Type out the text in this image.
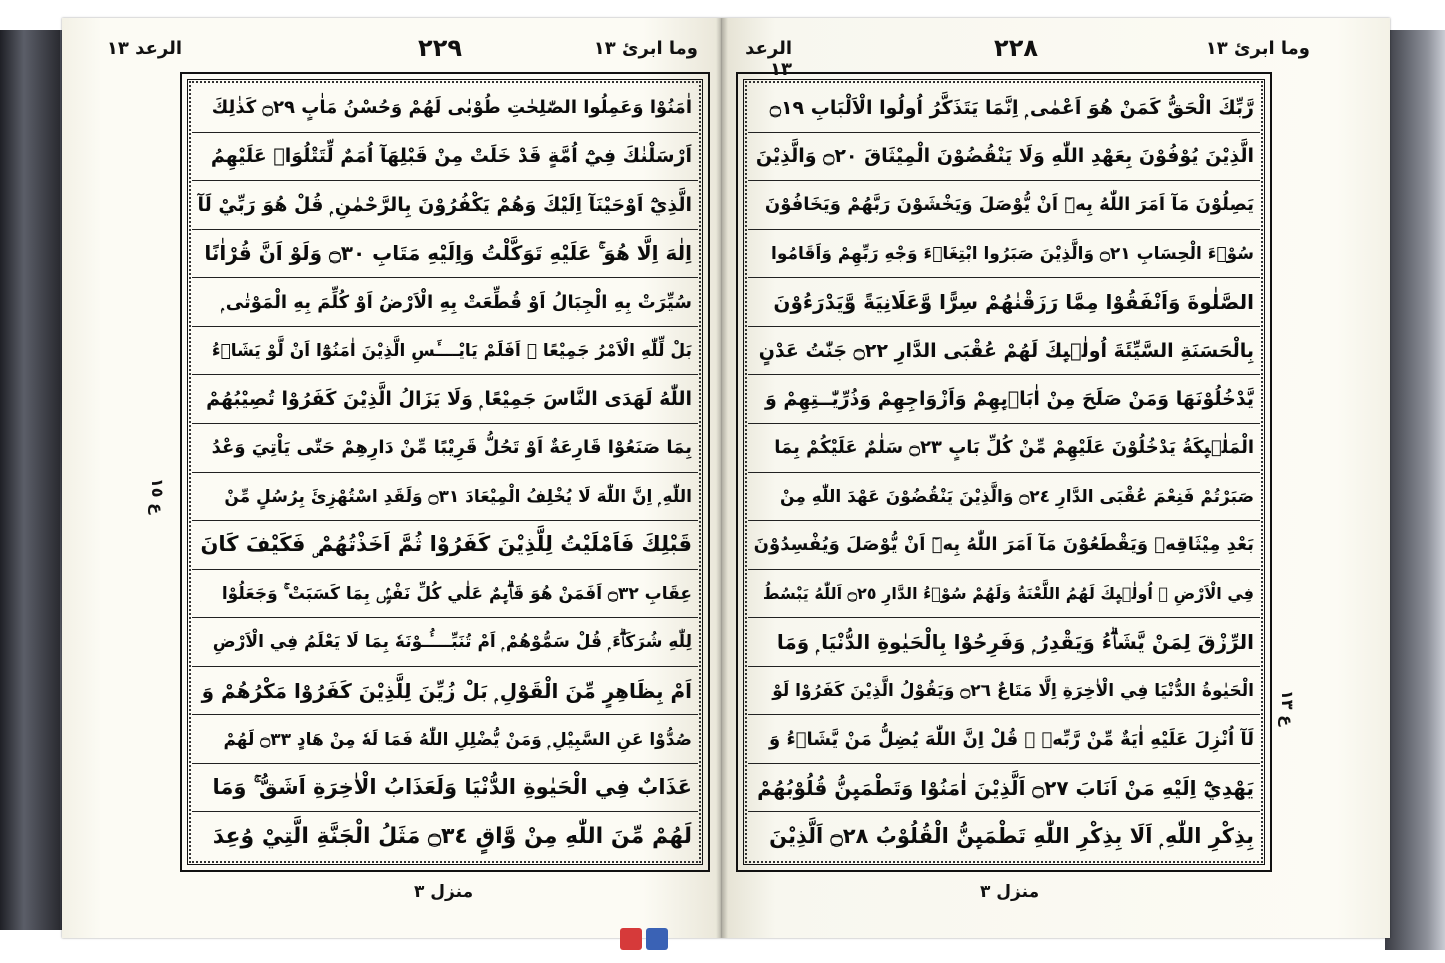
الرعد ١٣	٢٢٩	وما ابرئ ١٣
اٰمَنُوْا وَعَمِلُوا الصّٰلِحٰتِ طُوْبٰى لَهُمْ وَحُسْنُ مَاٰبٍ ۝٢٩ كَذٰلِكَ
اَرْسَلْنٰكَ فِيْٓ اُمَّةٍ قَدْ خَلَتْ مِنْ قَبْلِهَآ اُمَمٌ لِّتَتْلُوَا۟ عَلَيْهِمُ
الَّذِيْٓ اَوْحَيْنَآ اِلَيْكَ وَهُمْ يَكْفُرُوْنَ بِالرَّحْمٰنِ ۭ قُلْ هُوَ رَبِّيْ لَآ
اِلٰهَ اِلَّا هُوَ ۚ عَلَيْهِ تَوَكَّلْتُ وَاِلَيْهِ مَتَابِ ۝٣٠ وَلَوْ اَنَّ قُرْاٰنًا
سُيِّرَتْ بِهِ الْجِبَالُ اَوْ قُطِّعَتْ بِهِ الْاَرْضُ اَوْ كُلِّمَ بِهِ الْمَوْتٰى ۭ
بَلْ لِّلّٰهِ الْاَمْرُ جَمِيْعًا ۭ اَفَلَمْ يَايْــــَٔسِ الَّذِيْنَ اٰمَنُوْٓا اَنْ لَّوْ يَشَاۗءُ
اللّٰهُ لَهَدَى النَّاسَ جَمِيْعًا ۭ وَلَا يَزَالُ الَّذِيْنَ كَفَرُوْا تُصِيْبُهُمْ
بِمَا صَنَعُوْا قَارِعَةٌ اَوْ تَحُلُّ قَرِيْبًا مِّنْ دَارِهِمْ حَتّٰى يَاْتِيَ وَعْدُ
اللّٰهِ ۭ اِنَّ اللّٰهَ لَا يُخْلِفُ الْمِيْعَادَ ۝٣١ وَلَقَدِ اسْتُهْزِئَ بِرُسُلٍ مِّنْ
قَبْلِكَ فَاَمْلَيْتُ لِلَّذِيْنَ كَفَرُوْا ثُمَّ اَخَذْتُهُمْ ۣ فَكَيْفَ كَانَ
عِقَابِ ۝٣٢ اَفَمَنْ هُوَ قَاۗىِٕمٌ عَلٰي كُلِّ نَفْسٍۢ بِمَا كَسَبَتْ ۚ وَجَعَلُوْا
لِلّٰهِ شُرَكَاۗءَ ۭ قُلْ سَمُّوْهُمْ ۭ اَمْ تُنَبِّــــُٔـوْنَهٗ بِمَا لَا يَعْلَمُ فِي الْاَرْضِ
اَمْ بِظَاهِرٍ مِّنَ الْقَوْلِ ۭ بَلْ زُيِّنَ لِلَّذِيْنَ كَفَرُوْا مَكْرُهُمْ وَ
صُدُّوْا عَنِ السَّبِيْلِ ۭ وَمَنْ يُّضْلِلِ اللّٰهُ فَمَا لَهٗ مِنْ هَادٍ ۝٣٣ لَهُمْ
عَذَابٌ فِي الْحَيٰوةِ الدُّنْيَا وَلَعَذَابُ الْاٰخِرَةِ اَشَقُّ ۚ وَمَا
لَهُمْ مِّنَ اللّٰهِ مِنْ وَّاقٍ ۝٣٤ مَثَلُ الْجَنَّةِ الَّتِيْ وُعِدَ
ع ١٥
منزل ٣
الرعد ١٣
٢٢٨	وما ابرئ ١٣
رَّبِّكَ الْحَقُّ كَمَنْ هُوَ اَعْمٰى ۭ اِنَّمَا يَتَذَكَّرُ اُولُوا الْاَلْبَابِ ۝١٩
الَّذِيْنَ يُوْفُوْنَ بِعَهْدِ اللّٰهِ وَلَا يَنْقُضُوْنَ الْمِيْثَاقَ ۝٢٠ وَالَّذِيْنَ
يَصِلُوْنَ مَآ اَمَرَ اللّٰهُ بِهٖٓ اَنْ يُّوْصَلَ وَيَخْشَوْنَ رَبَّهُمْ وَيَخَافُوْنَ
سُوْۗءَ الْحِسَابِ ۝٢١ وَالَّذِيْنَ صَبَرُوا ابْتِغَاۗءَ وَجْهِ رَبِّهِمْ وَاَقَامُوا
الصَّلٰوةَ وَاَنْفَقُوْا مِمَّا رَزَقْنٰهُمْ سِرًّا وَّعَلَانِيَةً وَّيَدْرَءُوْنَ
بِالْحَسَنَةِ السَّيِّئَةَ اُولٰۗىِٕكَ لَهُمْ عُقْبَى الدَّارِ ۝٢٢ جَنّٰتُ عَدْنٍ
يَّدْخُلُوْنَهَا وَمَنْ صَلَحَ مِنْ اٰبَاۗىِٕهِمْ وَاَزْوَاجِهِمْ وَذُرِّيّٰــتِهِمْ وَ
الْمَلٰۗىِٕكَةُ يَدْخُلُوْنَ عَلَيْهِمْ مِّنْ كُلِّ بَابٍ ۝٢٣ سَلٰمٌ عَلَيْكُمْ بِمَا
صَبَرْتُمْ فَنِعْمَ عُقْبَى الدَّارِ ۝٢٤ وَالَّذِيْنَ يَنْقُضُوْنَ عَهْدَ اللّٰهِ مِنْ
بَعْدِ مِيْثَاقِهٖ وَيَقْطَعُوْنَ مَآ اَمَرَ اللّٰهُ بِهٖٓ اَنْ يُّوْصَلَ وَيُفْسِدُوْنَ
فِي الْاَرْضِ ۙ اُولٰۗىِٕكَ لَهُمُ اللَّعْنَةُ وَلَهُمْ سُوْۗءُ الدَّارِ ۝٢٥ اَللّٰهُ يَبْسُطُ
الرِّزْقَ لِمَنْ يَّشَاۗءُ وَيَقْدِرُ ۭ وَفَرِحُوْا بِالْحَيٰوةِ الدُّنْيَا ۭ وَمَا
الْحَيٰوةُ الدُّنْيَا فِي الْاٰخِرَةِ اِلَّا مَتَاعٌ ۝٢٦ وَيَقُوْلُ الَّذِيْنَ كَفَرُوْا لَوْ
لَآ اُنْزِلَ عَلَيْهِ اٰيَةٌ مِّنْ رَّبِّهٖ ۭ قُلْ اِنَّ اللّٰهَ يُضِلُّ مَنْ يَّشَاۗءُ وَ
يَهْدِيْٓ اِلَيْهِ مَنْ اَنَابَ ۝٢٧ اَلَّذِيْنَ اٰمَنُوْا وَتَطْمَىِٕنُّ قُلُوْبُهُمْ
بِذِكْرِ اللّٰهِ ۭ اَلَا بِذِكْرِ اللّٰهِ تَطْمَىِٕنُّ الْقُلُوْبُ ۝٢٨ اَلَّذِيْنَ
ع ١٣
منزل ٣
